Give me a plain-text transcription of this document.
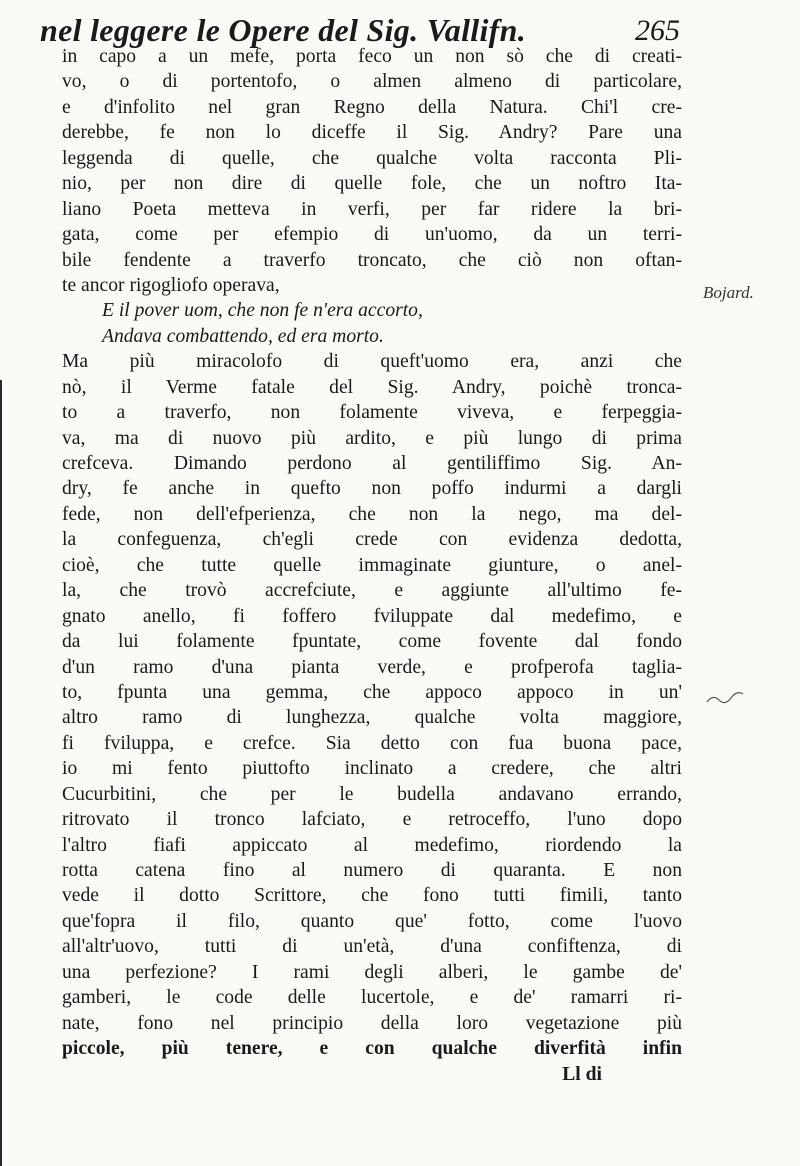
nel leggere le Opere del Sig. Vallifn.	265
in capo a un mefe, porta feco un non sò che di creati-
vo, o di portentofo, o almen almeno di particolare,
e d'infolito nel gran Regno della Natura. Chi'l cre-
derebbe, fe non lo diceffe il Sig. Andry? Pare una
leggenda di quelle, che qualche volta racconta Pli-
nio, per non dire di quelle fole, che un noftro Ita-
liano Poeta metteva in verfi, per far ridere la bri-
gata, come per efempio di un'uomo, da un terri-
bile fendente a traverfo troncato, che ciò non oftan-
te ancor rigogliofo operava,
E il pover uom, che non fe n'era accorto,
Andava combattendo, ed era morto.
Ma più miracolofo di queft'uomo era, anzi che
nò, il Verme fatale del Sig. Andry, poichè tronca-
to a traverfo, non folamente viveva, e ferpeggia-
va, ma di nuovo più ardito, e più lungo di prima
crefceva. Dimando perdono al gentiliffimo Sig. An-
dry, fe anche in quefto non poffo indurmi a dargli
fede, non dell'efperienza, che non la nego, ma del-
la confeguenza, ch'egli crede con evidenza dedotta,
cioè, che tutte quelle immaginate giunture, o anel-
la, che trovò accrefciute, e aggiunte all'ultimo fe-
gnato anello, fi foffero fviluppate dal medefimo, e
da lui folamente fpuntate, come fovente dal fondo
d'un ramo d'una pianta verde, e profperofa taglia-
to, fpunta una gemma, che appoco appoco in un'
altro ramo di lunghezza, qualche volta maggiore,
fi fviluppa, e crefce. Sia detto con fua buona pace,
io mi fento piuttofto inclinato a credere, che altri
Cucurbitini, che per le budella andavano errando,
ritrovato il tronco lafciato, e retroceffo, l'uno dopo
l'altro fiafi appiccato al medefimo, riordendo la
rotta catena fino al numero di quaranta. E non
vede il dotto Scrittore, che fono tutti fimili, tanto
que'fopra il filo, quanto que' fotto, come l'uovo
all'altr'uovo, tutti di un'età, d'una confiftenza, di
una perfezione? I rami degli alberi, le gambe de'
gamberi, le code delle lucertole, e de' ramarri ri-
nate, fono nel principio della loro vegetazione più
piccole, più tenere, e con qualche diverfità infin
Ll di
Bojard.
